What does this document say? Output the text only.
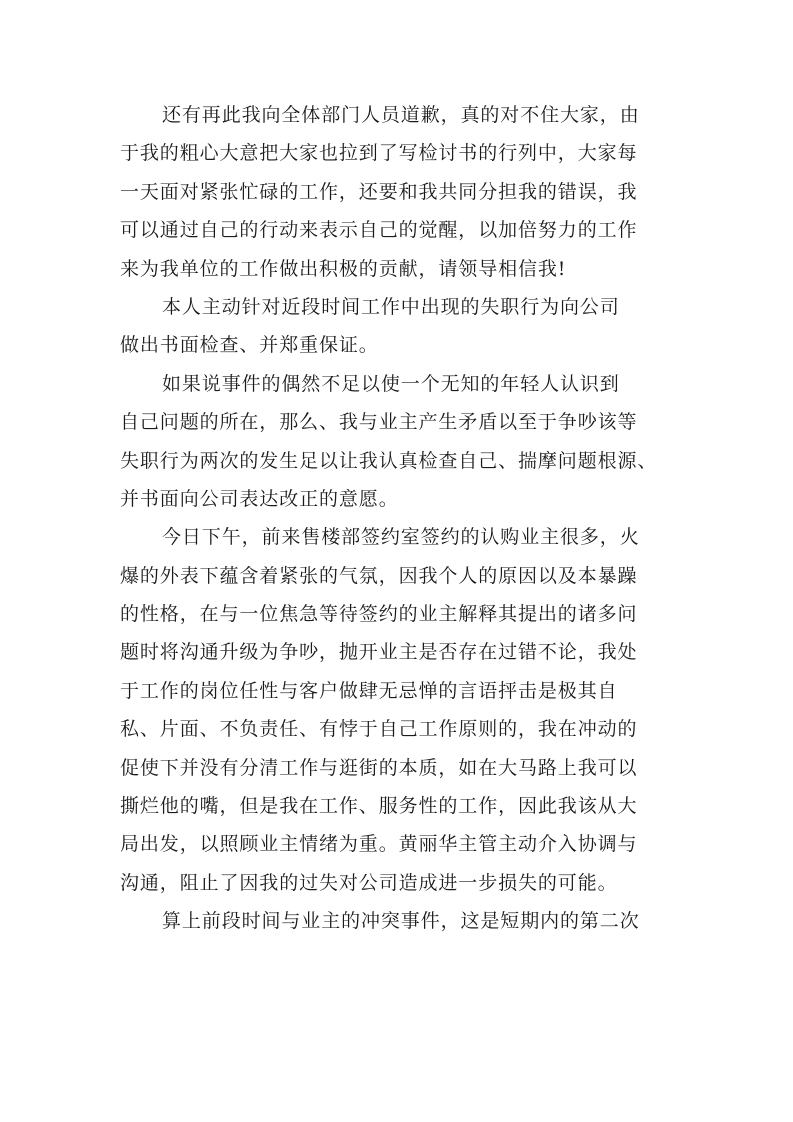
还有再此我向全体部门人员道歉，真的对不住大家，由
于我的粗心大意把大家也拉到了写检讨书的行列中，大家每
一天面对紧张忙碌的工作，还要和我共同分担我的错误，我
可以通过自己的行动来表示自己的觉醒，以加倍努力的工作
来为我单位的工作做出积极的贡献，请领导相信我!
本人主动针对近段时间工作中出现的失职行为向公司
做出书面检查、并郑重保证。
如果说事件的偶然不足以使一个无知的年轻人认识到
自己问题的所在，那么、我与业主产生矛盾以至于争吵该等
失职行为两次的发生足以让我认真检查自己、揣摩问题根源、
并书面向公司表达改正的意愿。
今日下午，前来售楼部签约室签约的认购业主很多，火
爆的外表下蕴含着紧张的气氛，因我个人的原因以及本暴躁
的性格，在与一位焦急等待签约的业主解释其提出的诸多问
题时将沟通升级为争吵，抛开业主是否存在过错不论，我处
于工作的岗位任性与客户做肆无忌惮的言语抨击是极其自
私、片面、不负责任、有悖于自己工作原则的，我在冲动的
促使下并没有分清工作与逛街的本质，如在大马路上我可以
撕烂他的嘴，但是我在工作、服务性的工作，因此我该从大
局出发，以照顾业主情绪为重。黄丽华主管主动介入协调与
沟通，阻止了因我的过失对公司造成进一步损失的可能。
算上前段时间与业主的冲突事件，这是短期内的第二次
